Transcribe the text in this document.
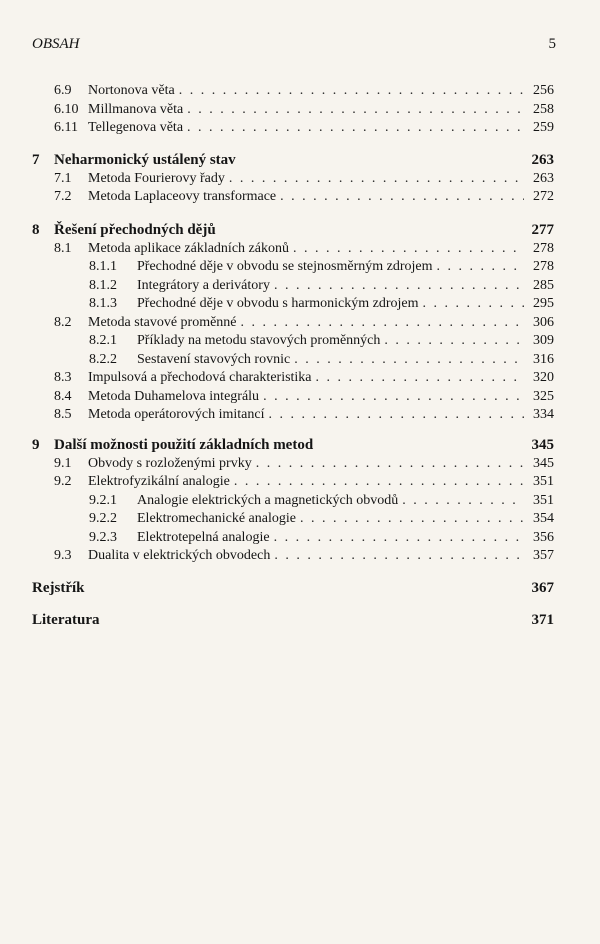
OBSAH	5
6.9	Nortonova věta . . .	256
6.10 Millmanova věta . . .	258
6.11 Tellegenova věta . . .	259
7 Neharmonický ustálený stav	263
7.1	Metoda Fourierovy řady . . .	263
7.2	Metoda Laplaceovy transformace . . .	272
8 Řešení přechodných dějů	277
8.1	Metoda aplikace základních zákonů . . .	278
8.1.1	Přechodné děje v obvodu se stejnosměrným zdrojem . . .	278
8.1.2	Integrátory a derivátory . . .	285
8.1.3	Přechodné děje v obvodu s harmonickým zdrojem . . .	295
8.2	Metoda stavové proměnné . . .	306
8.2.1	Příklady na metodu stavových proměnných . . .	309
8.2.2	Sestavení stavových rovnic . . .	316
8.3	Impulsová a přechodová charakteristika . . .	320
8.4	Metoda Duhamelova integrálu . . .	325
8.5	Metoda operátorových imitancí . . .	334
9 Další možnosti použití základních metod	345
9.1	Obvody s rozloženými prvky . . .	345
9.2	Elektrofyzikální analogie . . .	351
9.2.1	Analogie elektrických a magnetických obvodů . . .	351
9.2.2	Elektromechanické analogie . . .	354
9.2.3	Elektrotepelná analogie . . .	356
9.3	Dualita v elektrických obvodech . . .	357
Rejstřík	367
Literatura	371
